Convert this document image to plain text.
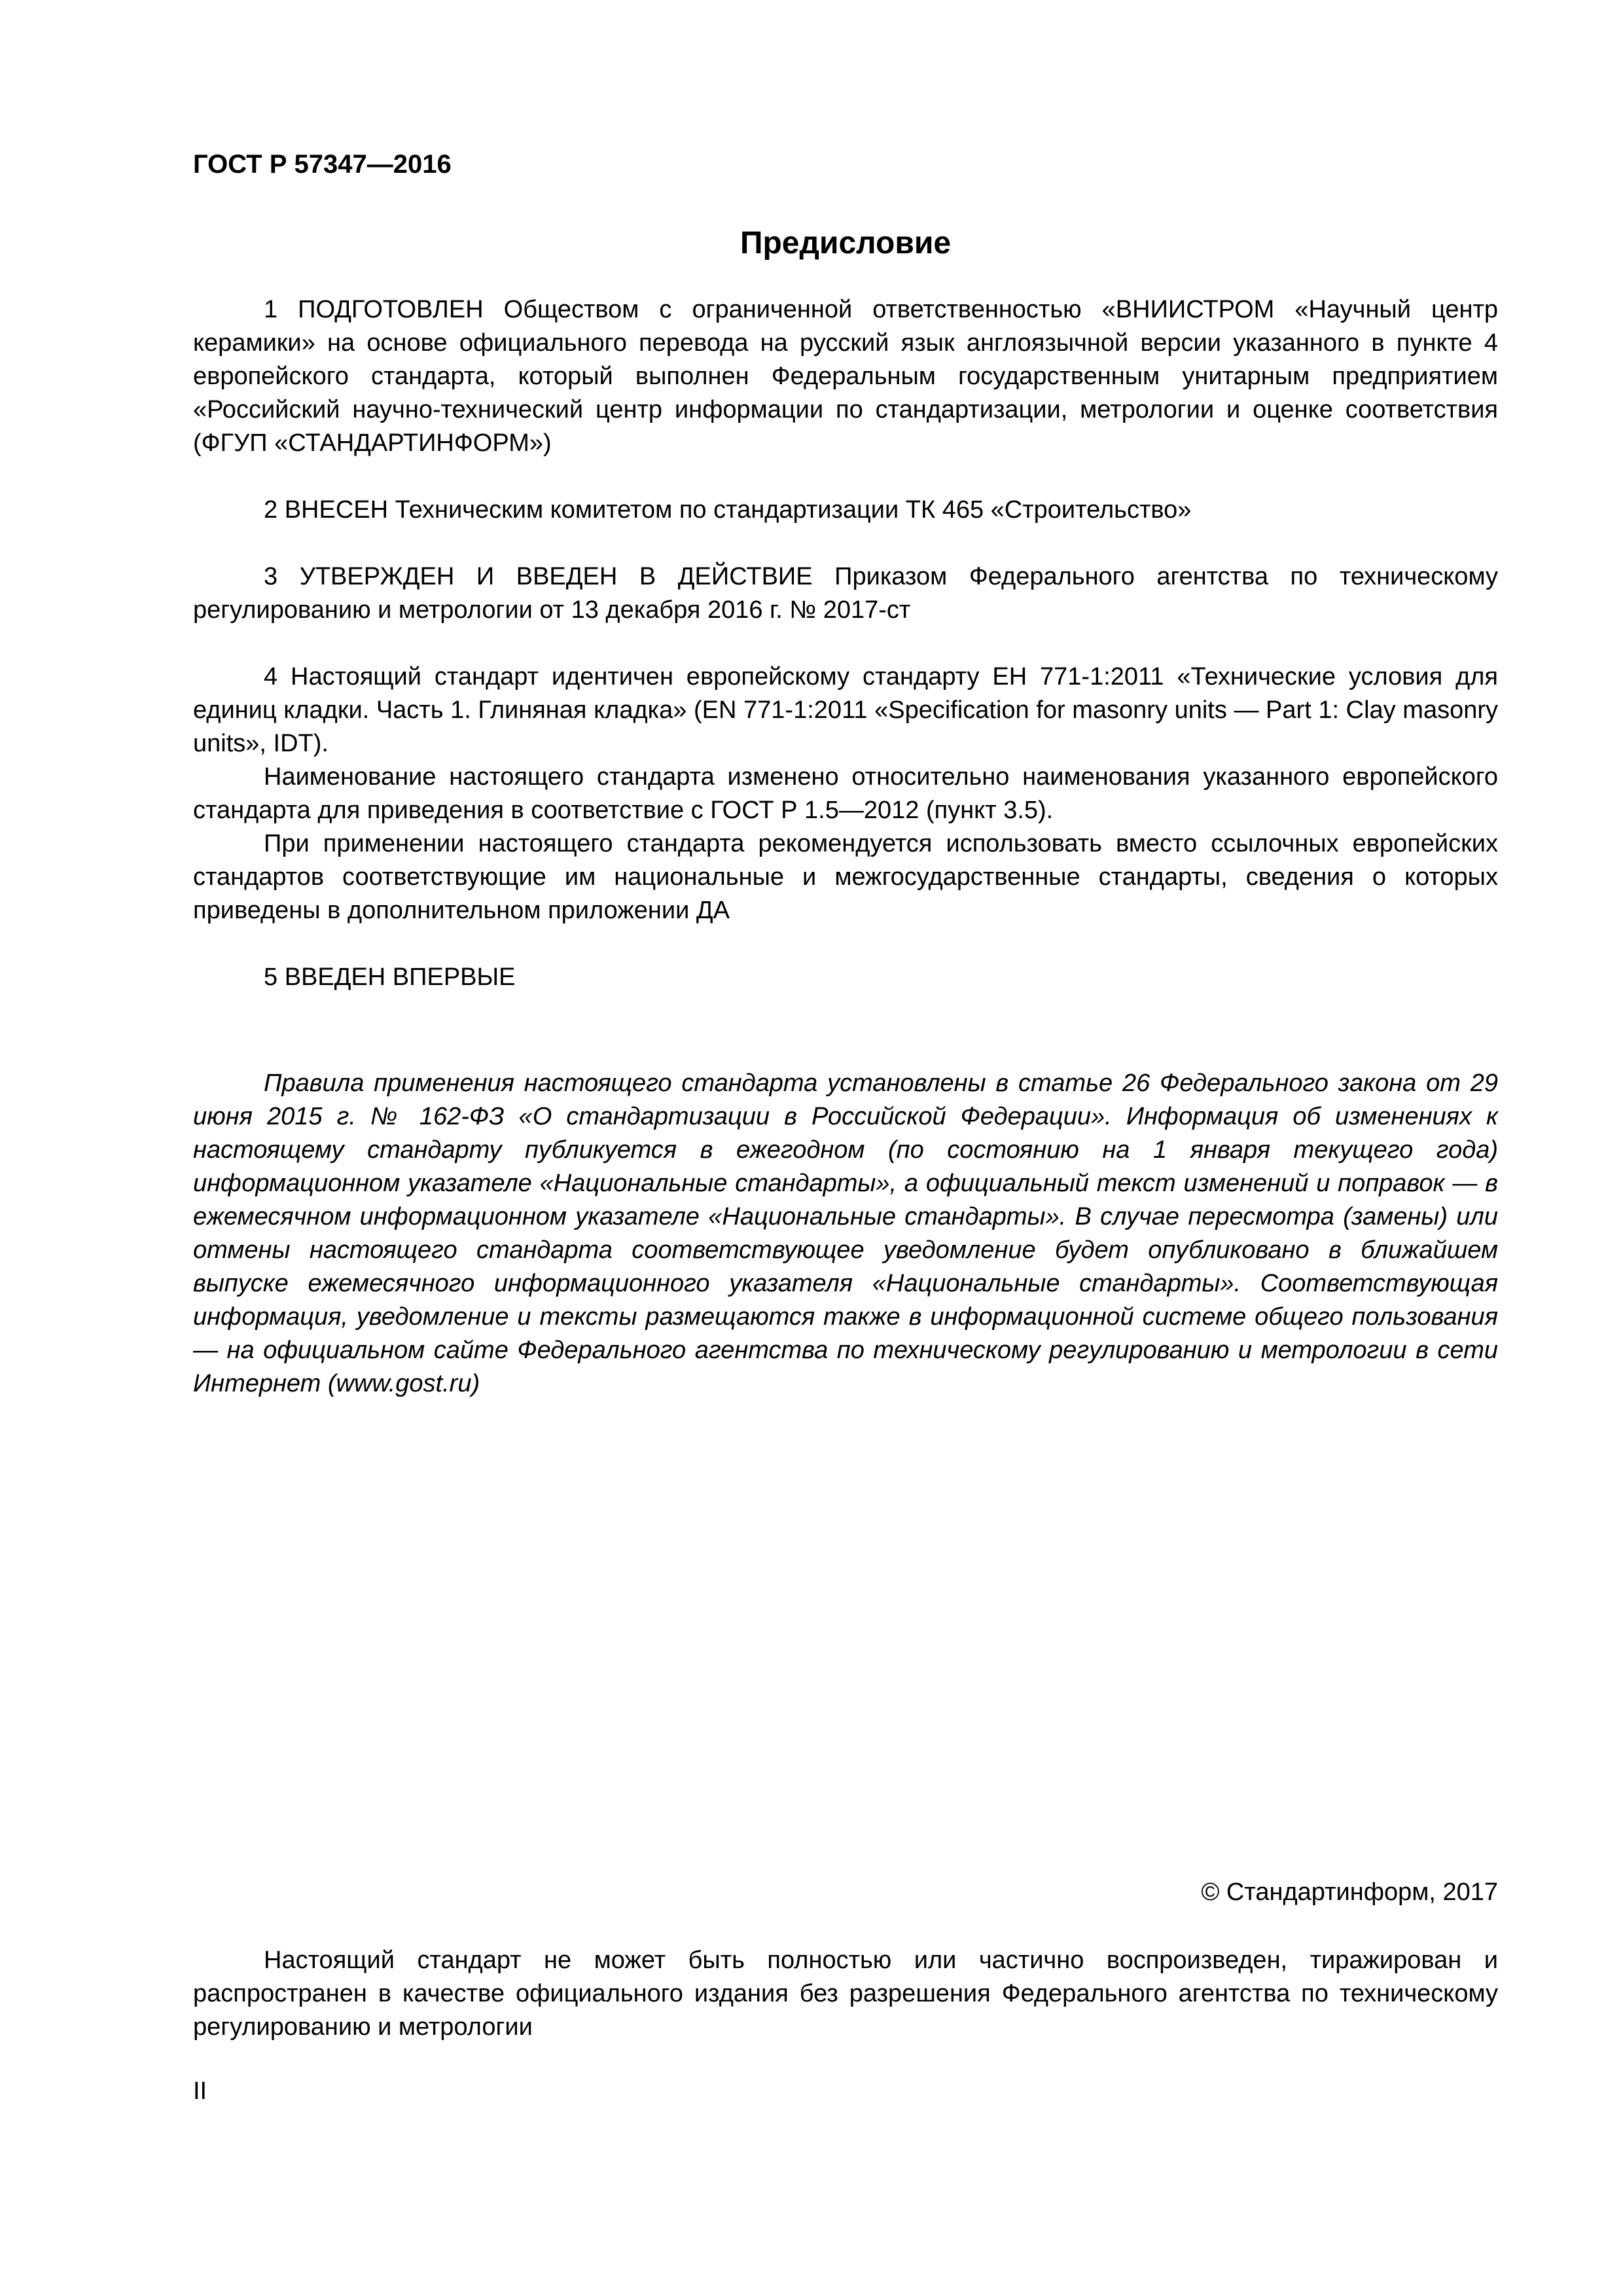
ГОСТ Р 57347—2016
Предисловие

1 ПОДГОТОВЛЕН Обществом с ограниченной ответственностью «ВНИИСТРОМ «Научный центр керамики» на основе официального перевода на русский язык англоязычной версии указанного в пункте 4 европейского стандарта, который выполнен Федеральным государственным унитарным предприятием «Российский научно-технический центр информации по стандартизации, метрологии и оценке соответствия (ФГУП «СТАНДАРТИНФОРМ»)

2 ВНЕСЕН Техническим комитетом по стандартизации ТК 465 «Строительство»

3 УТВЕРЖДЕН И ВВЕДЕН В ДЕЙСТВИЕ Приказом Федерального агентства по техническому регулированию и метрологии от 13 декабря 2016 г. № 2017-ст

4 Настоящий стандарт идентичен европейскому стандарту ЕН 771-1:2011 «Технические условия для единиц кладки. Часть 1. Глиняная кладка» (EN 771-1:2011 «Specification for masonry units — Part 1: Clay masonry units», IDT).

Наименование настоящего стандарта изменено относительно наименования указанного европейского стандарта для приведения в соответствие с ГОСТ Р 1.5—2012 (пункт 3.5).

При применении настоящего стандарта рекомендуется использовать вместо ссылочных европейских стандартов соответствующие им национальные и межгосударственные стандарты, сведения о которых приведены в дополнительном приложении ДА

5 ВВЕДЕН ВПЕРВЫЕ

Правила применения настоящего стандарта установлены в статье 26 Федерального закона от 29 июня 2015 г. № 162-ФЗ «О стандартизации в Российской Федерации». Информация об изменениях к настоящему стандарту публикуется в ежегодном (по состоянию на 1 января текущего года) информационном указателе «Национальные стандарты», а официальный текст изменений и поправок — в ежемесячном информационном указателе «Национальные стандарты». В случае пересмотра (замены) или отмены настоящего стандарта соответствующее уведомление будет опубликовано в ближайшем выпуске ежемесячного информационного указателя «Национальные стандарты». Соответствующая информация, уведомление и тексты размещаются также в информационной системе общего пользования — на официальном сайте Федерального агентства по техническому регулированию и метрологии в сети Интернет (www.gost.ru)

© Стандартинформ, 2017

Настоящий стандарт не может быть полностью или частично воспроизведен, тиражирован и распространен в качестве официального издания без разрешения Федерального агентства по техническому регулированию и метрологии

II
